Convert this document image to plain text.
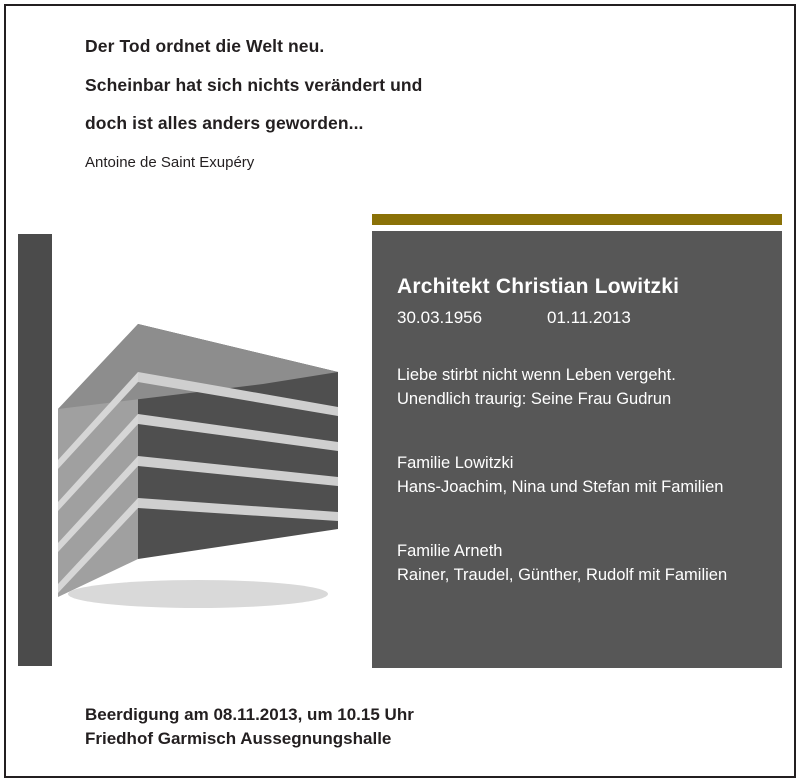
Der Tod ordnet die Welt neu.
Scheinbar hat sich nichts verändert und
doch ist alles anders geworden...
Antoine de Saint Exupéry
Architekt Christian Lowitzki
30.03.1956	01.11.2013
Liebe stirbt nicht wenn Leben vergeht.
Unendlich traurig: Seine Frau Gudrun
Familie Lowitzki
Hans-Joachim, Nina und Stefan mit Familien
Familie Arneth
Rainer, Traudel, Günther, Rudolf mit Familien
Beerdigung am 08.11.2013, um 10.15 Uhr
Friedhof Garmisch Aussegnungshalle
